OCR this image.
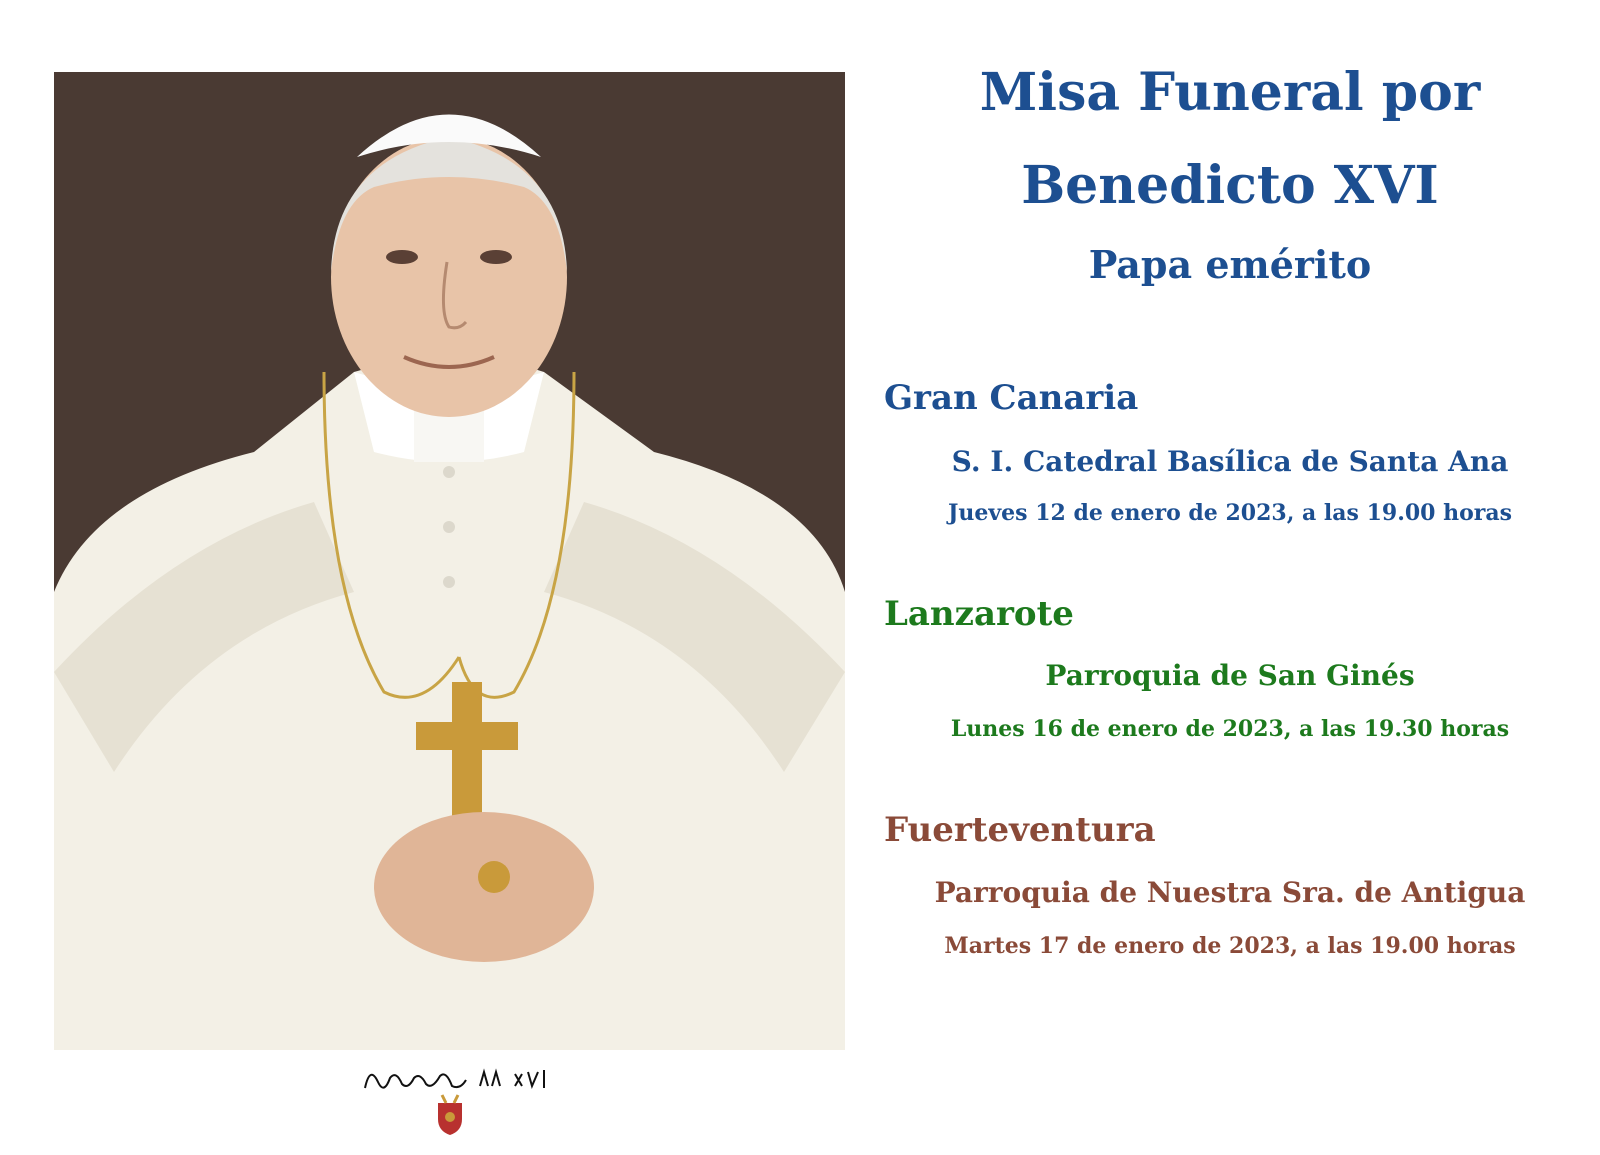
Misa Funeral por
Benedicto XVI
Papa emérito
Gran Canaria
S. I. Catedral Basílica de Santa Ana
Jueves 12 de enero de 2023, a las 19.00 horas
Lanzarote
Parroquia de San Ginés
Lunes 16 de enero de 2023, a las 19.30 horas
Fuerteventura
Parroquia de Nuestra Sra. de Antigua
Martes 17 de enero de 2023, a las 19.00 horas
